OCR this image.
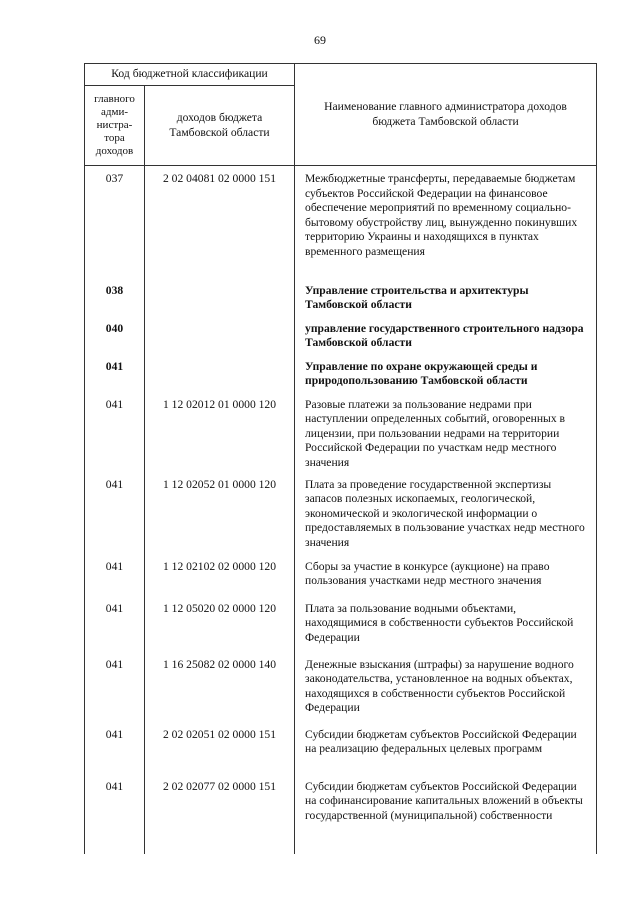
69
Код бюджетной классификации		Наименование главного администратора доходов бюджета Тамбовской области
главного адми-нистра-тора доходов	доходов бюджета Тамбовской области	
037	2 02 04081 02 0000 151	Межбюджетные трансферты, передаваемые бюджетам субъектов Российской Федерации на финансовое обеспечение мероприятий по временному социально-бытовому обустройству лиц, вынужденно покинувших территорию Украины и находящихся в пунктах временного размещения
038		Управление строительства и архитектуры Тамбовской области
040		управление государственного строительного надзора Тамбовской области
041		Управление по охране окружающей среды и природопользованию Тамбовской области
041	1 12 02012 01 0000 120	Разовые платежи за пользование недрами при наступлении определенных событий, оговоренных в лицензии, при пользовании недрами на территории Российской Федерации по участкам недр местного значения
041	1 12 02052 01 0000 120	Плата за проведение государственной экспертизы запасов полезных ископаемых, геологической, экономической и экологической информации о предоставляемых в пользование участках недр местного значения
041	1 12 02102 02 0000 120	Сборы за участие в конкурсе (аукционе) на право пользования участками недр местного значения
041	1 12 05020 02 0000 120	Плата за пользование водными объектами, находящимися в собственности субъектов Российской Федерации
041	1 16 25082 02 0000 140	Денежные взыскания (штрафы) за нарушение водного законодательства, установленное на водных объектах, находящихся в собственности субъектов Российской Федерации
041	2 02 02051 02 0000 151	Субсидии бюджетам субъектов Российской Федерации на реализацию федеральных целевых программ
041	2 02 02077 02 0000 151	Субсидии бюджетам субъектов Российской Федерации на софинансирование капитальных вложений в объекты государственной (муниципальной) собственности
